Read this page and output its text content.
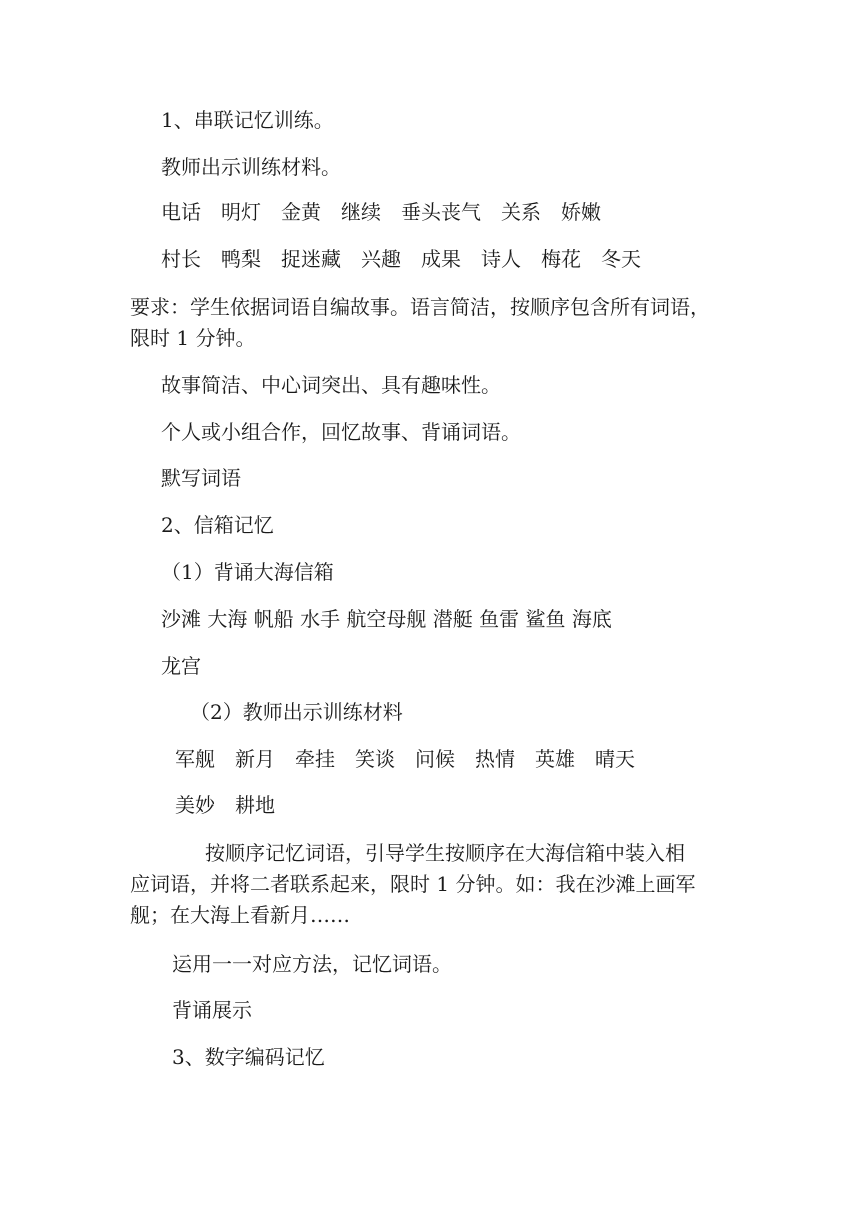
1、串联记忆训练。

教师出示训练材料。

电话　明灯　金黄　继续　垂头丧气　关系　娇嫩

村长　鸭梨　捉迷藏　兴趣　成果　诗人　梅花　冬天

要求：学生依据词语自编故事。语言简洁，按顺序包含所有词语，

限时 1 分钟。

故事简洁、中心词突出、具有趣味性。

个人或小组合作，回忆故事、背诵词语。

默写词语

2、信箱记忆

（1）背诵大海信箱

沙滩 大海 帆船 水手 航空母舰 潜艇 鱼雷 鲨鱼 海底

龙宫

（2）教师出示训练材料

军舰　新月　牵挂　笑谈　问候　热情　英雄　晴天

美妙　耕地

按顺序记忆词语，引导学生按顺序在大海信箱中装入相

应词语，并将二者联系起来，限时 1 分钟。如：我在沙滩上画军

舰；在大海上看新月……

运用一一对应方法，记忆词语。

背诵展示

3、数字编码记忆
